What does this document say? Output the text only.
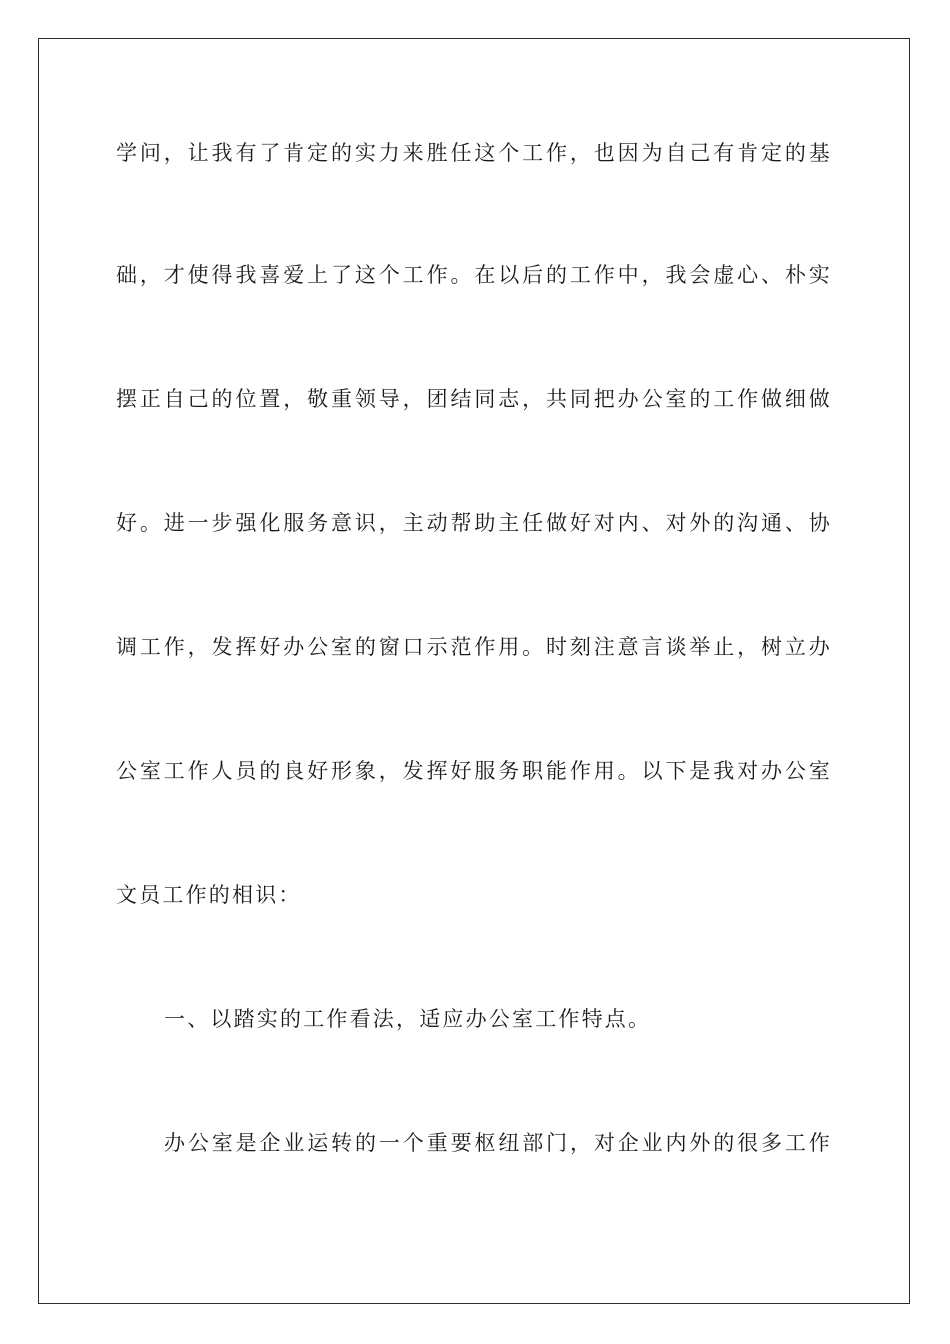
学问，让我有了肯定的实力来胜任这个工作，也因为自己有肯定的基

础，才使得我喜爱上了这个工作。在以后的工作中，我会虚心、朴实

摆正自己的位置，敬重领导，团结同志，共同把办公室的工作做细做

好。进一步强化服务意识，主动帮助主任做好对内、对外的沟通、协

调工作，发挥好办公室的窗口示范作用。时刻注意言谈举止，树立办

公室工作人员的良好形象，发挥好服务职能作用。以下是我对办公室

文员工作的相识：

一、以踏实的工作看法，适应办公室工作特点。

办公室是企业运转的一个重要枢纽部门，对企业内外的很多工作
